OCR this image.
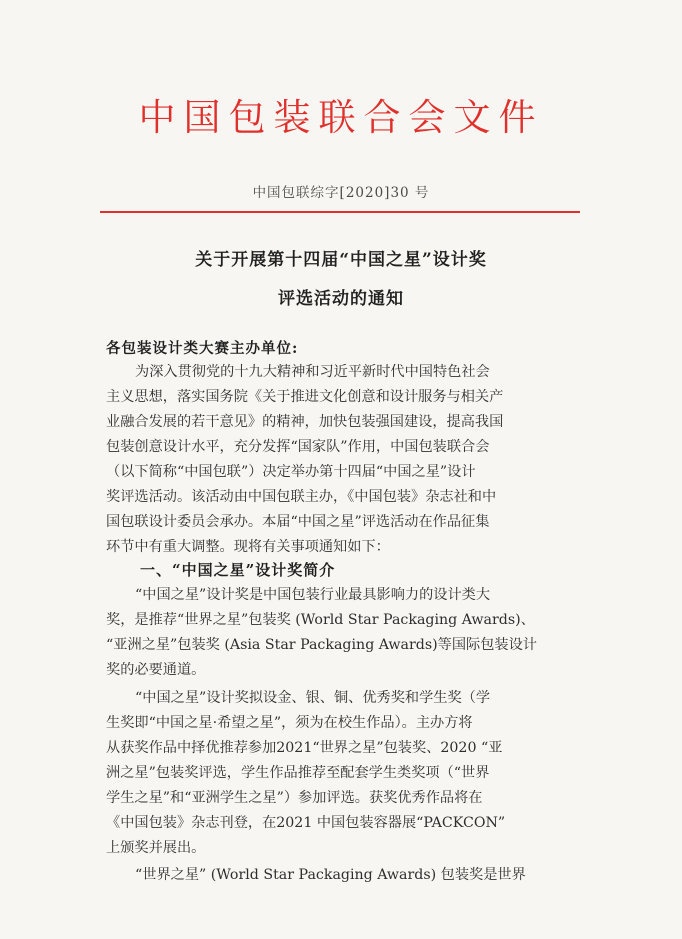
中国包装联合会文件
中国包联综字[2020]30 号
关于开展第十四届“中国之星”设计奖
评选活动的通知
各包装设计类大赛主办单位:
为深入贯彻党的十九大精神和习近平新时代中国特色社会
主义思想，落实国务院《关于推进文化创意和设计服务与相关产
业融合发展的若干意见》的精神，加快包装强国建设，提高我国
包装创意设计水平，充分发挥“国家队”作用，中国包装联合会
（以下简称“中国包联”）决定举办第十四届“中国之星”设计
奖评选活动。该活动由中国包联主办，《中国包装》杂志社和中
国包联设计委员会承办。本届“中国之星”评选活动在作品征集
环节中有重大调整。现将有关事项通知如下：
一、“中国之星”设计奖简介
“中国之星”设计奖是中国包装行业最具影响力的设计类大
奖，是推荐“世界之星”包装奖 (World Star Packaging Awards)、
“亚洲之星”包装奖 (Asia Star Packaging Awards)等国际包装设计
奖的必要通道。
“中国之星”设计奖拟设金、银、铜、优秀奖和学生奖（学
生奖即“中国之星·希望之星”，须为在校生作品）。主办方将
从获奖作品中择优推荐参加2021“世界之星”包装奖、2020 “亚
洲之星”包装奖评选，学生作品推荐至配套学生类奖项（“世界
学生之星”和“亚洲学生之星”）参加评选。获奖优秀作品将在
《中国包装》杂志刊登，在2021 中国包装容器展“PACKCON”
上颁奖并展出。
“世界之星” (World Star Packaging Awards) 包装奖是世界
